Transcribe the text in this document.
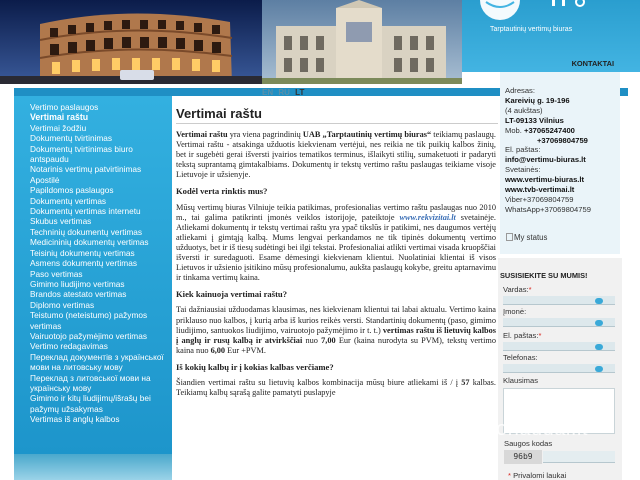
Tarptautinių vertimų biuras
KONTAKTAI
Vertimo paslaugos
Vertimai raštu
Vertimai žodžiu
Dokumentų tvirtinimas
Dokumentų tvirtinimas biuro antspaudu
Notarinis vertimų patvirtinimas
Apostilė
Papildomos paslaugos
Dokumentų vertimas
Dokumentų vertimas internetu
Skubus vertimas
Techninių dokumentų vertimas
Medicininių dokumentų vertimas
Teisinių dokumentų vertimas
Asmens dokumentų vertimas
Paso vertimas
Gimimo liudijimo vertimas
Brandos atestato vertimas
Diplomo vertimas
Teistumo (neteistumo) pažymos vertimas
Vairuotojo pažymėjimo vertimas
Vertimo redagavimas
Переклад документів з української мови на литовську мову
Переклад з литовської мови на українську мову
Gimimo ir kitų liudijimų/išrašų bei pažymų užsakymas
Vertimas iš anglų kalbos
EN RU LT
Vertimai raštu

Vertimai raštu yra viena pagrindinių UAB „Tarptautinių vertimų biuras“ teikiamų paslaugų. Vertimai raštu - atsakinga užduotis kiekvienam vertėjui, nes reikia ne tik puikių kalbos žinių, bet ir sugebėti gerai išversti įvairios tematikos terminus, išlaikyti stilių, sumaketuoti ir padaryti tekstą suprantamą gimtakalbiams. Dokumentų ir tekstų vertimo raštu paslaugas teikiame visoje Lietuvoje ir užsienyje.

Kodėl verta rinktis mus?

Mūsų vertimų biuras Vilniuje teikia patikimas, profesionalias vertimo raštu paslaugas nuo 2010 m., tai galima patikrinti įmonės veiklos istorijoje, pateiktoje www.rekvizitai.lt svetainėje. Atliekami dokumentų ir tekstų vertimai raštu yra ypač tikslūs ir patikimi, nes daugumos vertėjų atliekami į gimtąją kalbą. Mums lengvai perkandamos ne tik tipinės dokumentų vertimo užduotys, bet ir iš tiesų sudėtingi bei ilgi tekstai. Profesionaliai atlikti vertimai visada kruopščiai išversti ir suredaguoti. Esame dėmesingi kiekvienam klientui. Nuolatiniai klientai iš visos Lietuvos ir užsienio įsitikino mūsų profesionalumu, aukšta paslaugų kokybe, greitu aptarnavimu ir tinkama vertimų kaina.

Kiek kainuoja vertimai raštu?

Tai dažniausiai užduodamas klausimas, nes kiekvienam klientui tai labai aktualu. Vertimo kaina priklauso nuo kalbos, į kurią arba iš kurios reikės versti. Standartinių dokumentų (paso, gimimo liudijimo, santuokos liudijimo, vairuotojo pažymėjimo ir t. t.) vertimas raštu iš lietuvių kalbos į anglų ir rusų kalbą ir atvirkščiai nuo 7,00 Eur (kaina nurodyta su PVM), tekstų vertimo kaina nuo 6,00 Eur +PVM.

Iš kokių kalbų ir į kokias kalbas verčiame?

Šiandien vertimai raštu su lietuvių kalbos kombinacija mūsų biure atliekami iš / į 57 kalbas. Teikiamų kalbų sąrašą galite pamatyti puslapyje

Adresas:
Kareivių g. 19-196
(4 aukštas)
LT-09133 Vilnius
Mob. +37065247400
+37069804759
El. paštas:
info@vertimu-biuras.lt
Svetainės:
www.vertimu-biuras.lt
www.tvb-vertimai.lt
Viber+37069804759
WhatsApp+37069804759
My status
SUSISIEKITE SU MUMIS!
Vardas:*
Įmonė:
El. paštas:*
Telefonas:
Klausimas
Saugos kodas
96b9
* Privalomi laukai
tavonaudai.lt
